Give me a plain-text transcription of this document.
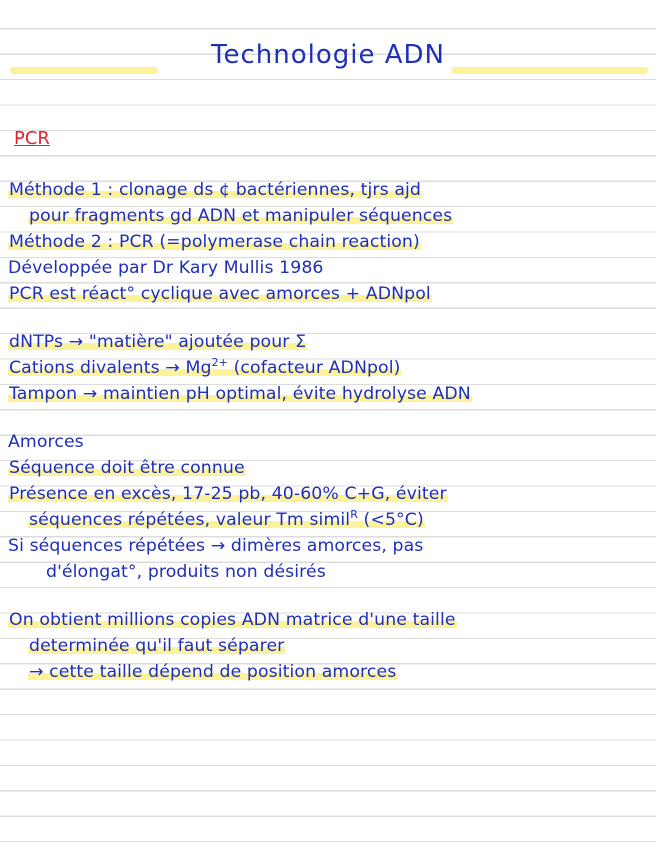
Technologie ADN
PCR
Méthode 1 : clonage ds ¢ bactériennes, tjrs ajd
pour fragments gd ADN et manipuler séquences
Méthode 2 : PCR (=polymerase chain reaction)
Développée par Dr Kary Mullis 1986
PCR est réact° cyclique avec amorces + ADNpol
dNTPs → "matière" ajoutée pour Σ
Cations divalents → $Mg^{2+}$ (cofacteur ADNpol)
Tampon → maintien pH optimal, évite hydrolyse ADN
Amorces
Séquence doit être connue
Présence en excès, 17-25 pb, 40-60% C+G, éviter
séquences répétées, valeur Tm simil$^R$ (<5°C)
Si séquences répétées → dimères amorces, pas
d'élongat°, produits non désirés
On obtient millions copies ADN matrice d'une taille
determinée qu'il faut séparer
→ cette taille dépend de position amorces
